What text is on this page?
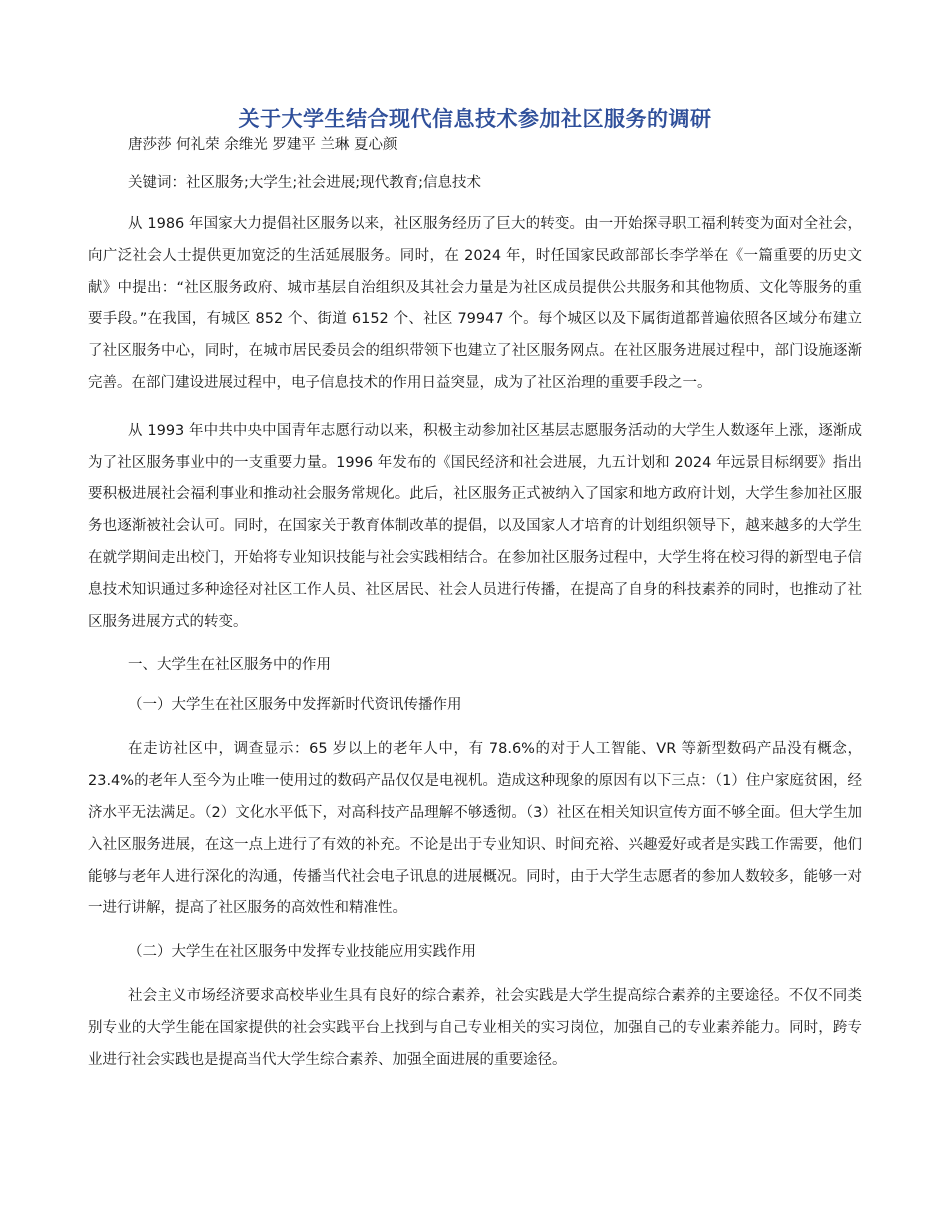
关于大学生结合现代信息技术参加社区服务的调研

唐莎莎 何礼荣 余维光 罗建平 兰琳 夏心颜

关键词：社区服务;大学生;社会进展;现代教育;信息技术

从 1986 年国家大力提倡社区服务以来，社区服务经历了巨大的转变。由一开始探寻职工福利转变为面对全社会，向广泛社会人士提供更加宽泛的生活延展服务。同时，在 2024 年，时任国家民政部部长李学举在《一篇重要的历史文献》中提出：“社区服务政府、城市基层自治组织及其社会力量是为社区成员提供公共服务和其他物质、文化等服务的重要手段。”在我国，有城区 852 个、街道 6152 个、社区 79947 个。每个城区以及下属街道都普遍依照各区域分布建立了社区服务中心，同时，在城市居民委员会的组织带领下也建立了社区服务网点。在社区服务进展过程中，部门设施逐渐完善。在部门建设进展过程中，电子信息技术的作用日益突显，成为了社区治理的重要手段之一。

从 1993 年中共中央中国青年志愿行动以来，积极主动参加社区基层志愿服务活动的大学生人数逐年上涨，逐渐成为了社区服务事业中的一支重要力量。1996 年发布的《国民经济和社会进展，九五计划和 2024 年远景目标纲要》指出要积极进展社会福利事业和推动社会服务常规化。此后，社区服务正式被纳入了国家和地方政府计划，大学生参加社区服务也逐渐被社会认可。同时，在国家关于教育体制改革的提倡，以及国家人才培育的计划组织领导下，越来越多的大学生在就学期间走出校门，开始将专业知识技能与社会实践相结合。在参加社区服务过程中，大学生将在校习得的新型电子信息技术知识通过多种途径对社区工作人员、社区居民、社会人员进行传播，在提高了自身的科技素养的同时，也推动了社区服务进展方式的转变。

一、大学生在社区服务中的作用

（一）大学生在社区服务中发挥新时代资讯传播作用

在走访社区中，调查显示：65 岁以上的老年人中，有 78.6%的对于人工智能、VR 等新型数码产品没有概念，23.4%的老年人至今为止唯一使用过的数码产品仅仅是电视机。造成这种现象的原因有以下三点：（1）住户家庭贫困，经济水平无法满足。（2）文化水平低下，对高科技产品理解不够透彻。（3）社区在相关知识宣传方面不够全面。但大学生加入社区服务进展，在这一点上进行了有效的补充。不论是出于专业知识、时间充裕、兴趣爱好或者是实践工作需要，他们能够与老年人进行深化的沟通，传播当代社会电子讯息的进展概况。同时，由于大学生志愿者的参加人数较多，能够一对一进行讲解，提高了社区服务的高效性和精准性。

（二）大学生在社区服务中发挥专业技能应用实践作用

社会主义市场经济要求高校毕业生具有良好的综合素养，社会实践是大学生提高综合素养的主要途径。不仅不同类别专业的大学生能在国家提供的社会实践平台上找到与自己专业相关的实习岗位，加强自己的专业素养能力。同时，跨专业进行社会实践也是提高当代大学生综合素养、加强全面进展的重要途径。
